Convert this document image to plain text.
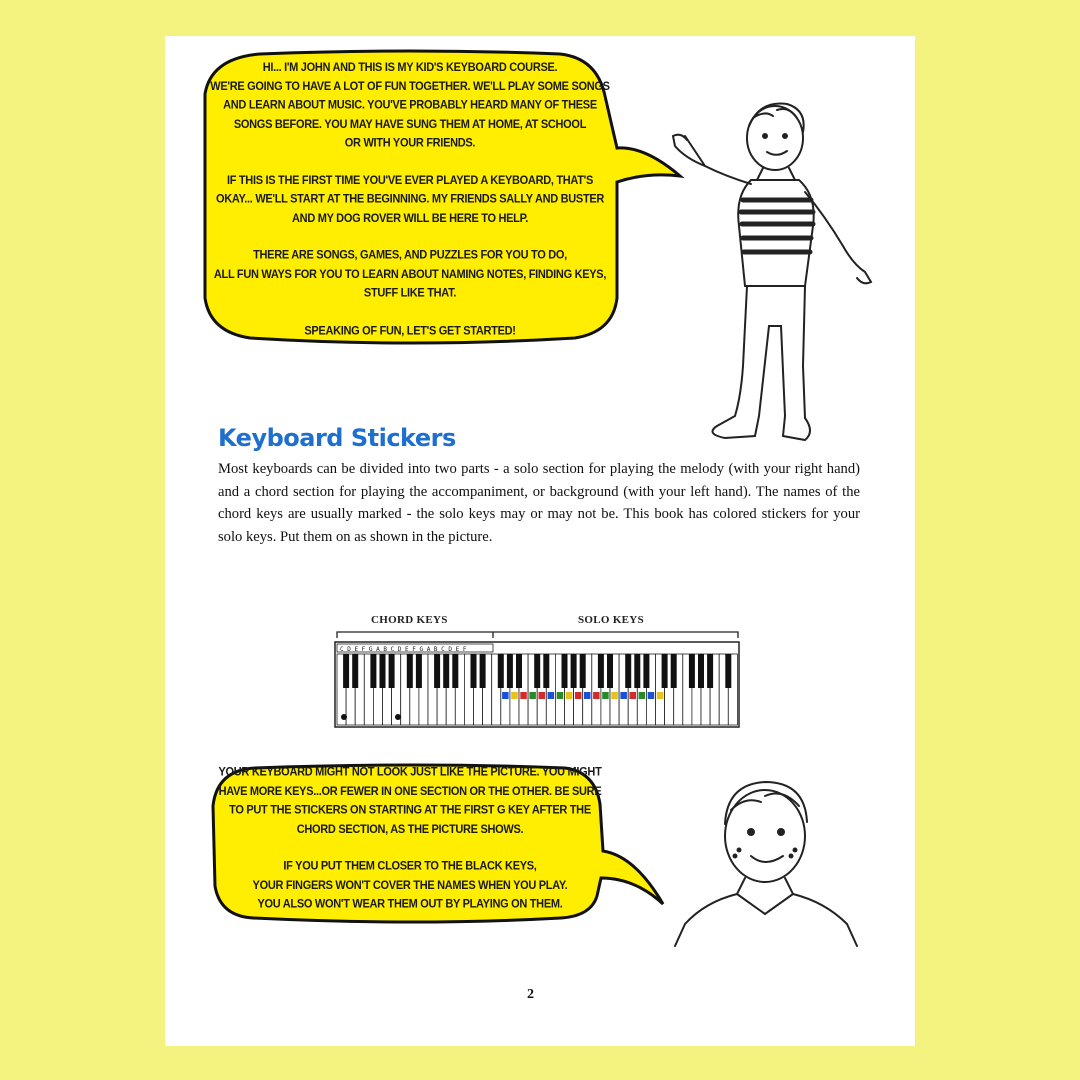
HI... I'M JOHN AND THIS IS MY KID'S KEYBOARD COURSE.
WE'RE GOING TO HAVE A LOT OF FUN TOGETHER. WE'LL PLAY SOME SONGS
AND LEARN ABOUT MUSIC. YOU'VE PROBABLY HEARD MANY OF THESE
SONGS BEFORE. YOU MAY HAVE SUNG THEM AT HOME, AT SCHOOL
OR WITH YOUR FRIENDS.

IF THIS IS THE FIRST TIME YOU'VE EVER PLAYED A KEYBOARD, THAT'S
OKAY... WE'LL START AT THE BEGINNING. MY FRIENDS SALLY AND BUSTER
AND MY DOG ROVER WILL BE HERE TO HELP.

THERE ARE SONGS, GAMES, AND PUZZLES FOR YOU TO DO,
ALL FUN WAYS FOR YOU TO LEARN ABOUT NAMING NOTES, FINDING KEYS,
STUFF LIKE THAT.

SPEAKING OF FUN, LET'S GET STARTED!

Keyboard Stickers

Most keyboards can be divided into two parts - a solo section for playing the melody (with your right hand) and a chord section for playing the accompaniment, or background (with your left hand). The names of the chord keys are usually marked - the solo keys may or may not be. This book has colored stickers for your solo keys. Put them on as shown in the picture.

CHORD KEYS	SOLO KEYS
C D E F G A B C D E F G A B C D E F

YOUR KEYBOARD MIGHT NOT LOOK JUST LIKE THE PICTURE. YOU MIGHT
HAVE MORE KEYS...OR FEWER IN ONE SECTION OR THE OTHER. BE SURE
TO PUT THE STICKERS ON STARTING AT THE FIRST G KEY AFTER THE
CHORD SECTION, AS THE PICTURE SHOWS.

IF YOU PUT THEM CLOSER TO THE BLACK KEYS,
YOUR FINGERS WON'T COVER THE NAMES WHEN YOU PLAY.
YOU ALSO WON'T WEAR THEM OUT BY PLAYING ON THEM.

2
